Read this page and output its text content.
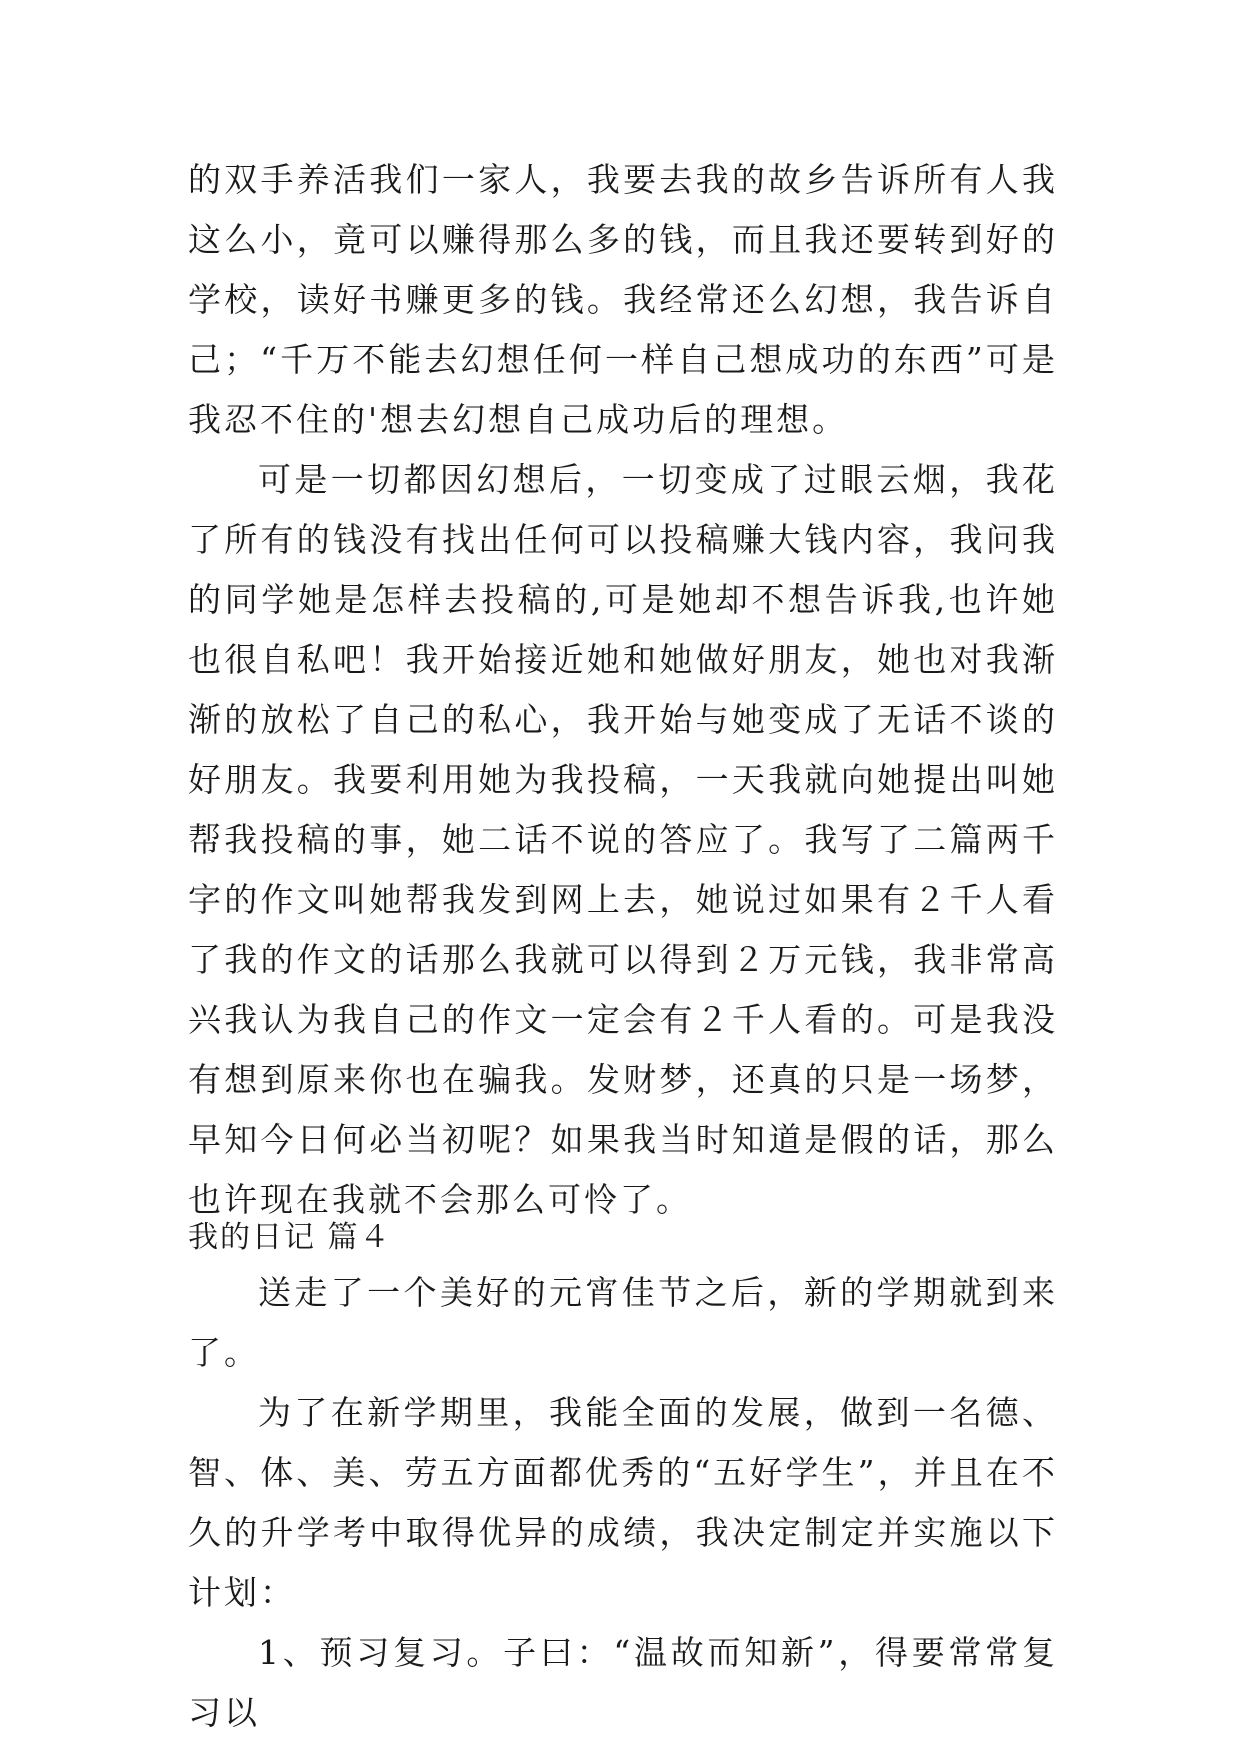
的双手养活我们一家人，我要去我的故乡告诉所有人我这么小，竟可以赚得那么多的钱，而且我还要转到好的学校，读好书赚更多的钱。我经常还么幻想，我告诉自己；“千万不能去幻想任何一样自己想成功的东西”可是我忍不住的'想去幻想自己成功后的理想。

可是一切都因幻想后，一切变成了过眼云烟，我花了所有的钱没有找出任何可以投稿赚大钱内容，我问我的同学她是怎样去投稿的,可是她却不想告诉我,也许她也很自私吧！我开始接近她和她做好朋友，她也对我渐渐的放松了自己的私心，我开始与她变成了无话不谈的好朋友。我要利用她为我投稿，一天我就向她提出叫她帮我投稿的事，她二话不说的答应了。我写了二篇两千字的作文叫她帮我发到网上去，她说过如果有２千人看了我的作文的话那么我就可以得到２万元钱，我非常高兴我认为我自己的作文一定会有２千人看的。可是我没有想到原来你也在骗我。发财梦，还真的只是一场梦，早知今日何必当初呢？如果我当时知道是假的话，那么也许现在我就不会那么可怜了。

我的日记 篇４

送走了一个美好的元宵佳节之后，新的学期就到来了。

为了在新学期里，我能全面的发展，做到一名德、智、体、美、劳五方面都优秀的“五好学生”，并且在不久的升学考中取得优异的成绩，我决定制定并实施以下计划：

1、预习复习。子曰：“温故而知新”，得要常常复习以
